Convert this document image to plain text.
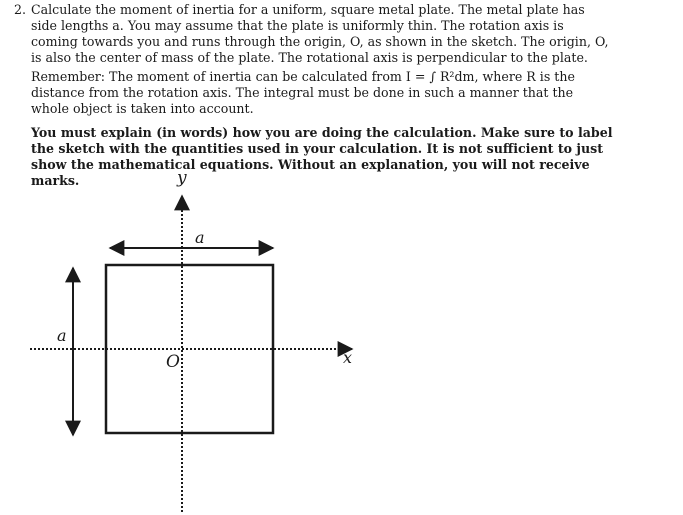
2. Calculate the moment of inertia for a uniform, square metal plate. The metal plate has side lengths a. You may assume that the plate is uniformly thin. The rotation axis is coming towards you and runs through the origin, O, as shown in the sketch. The origin, O, is also the center of mass of the plate. The rotational axis is perpendicular to the plate.

Remember: The moment of inertia can be calculated from I = ∫ R²dm, where R is the distance from the rotation axis. The integral must be done in such a manner that the whole object is taken into account.

You must explain (in words) how you are doing the calculation. Make sure to label the sketch with the quantities used in your calculation. It is not sufficient to just show the mathematical equations. Without an explanation, you will not receive marks.	y
x
O
a
a
